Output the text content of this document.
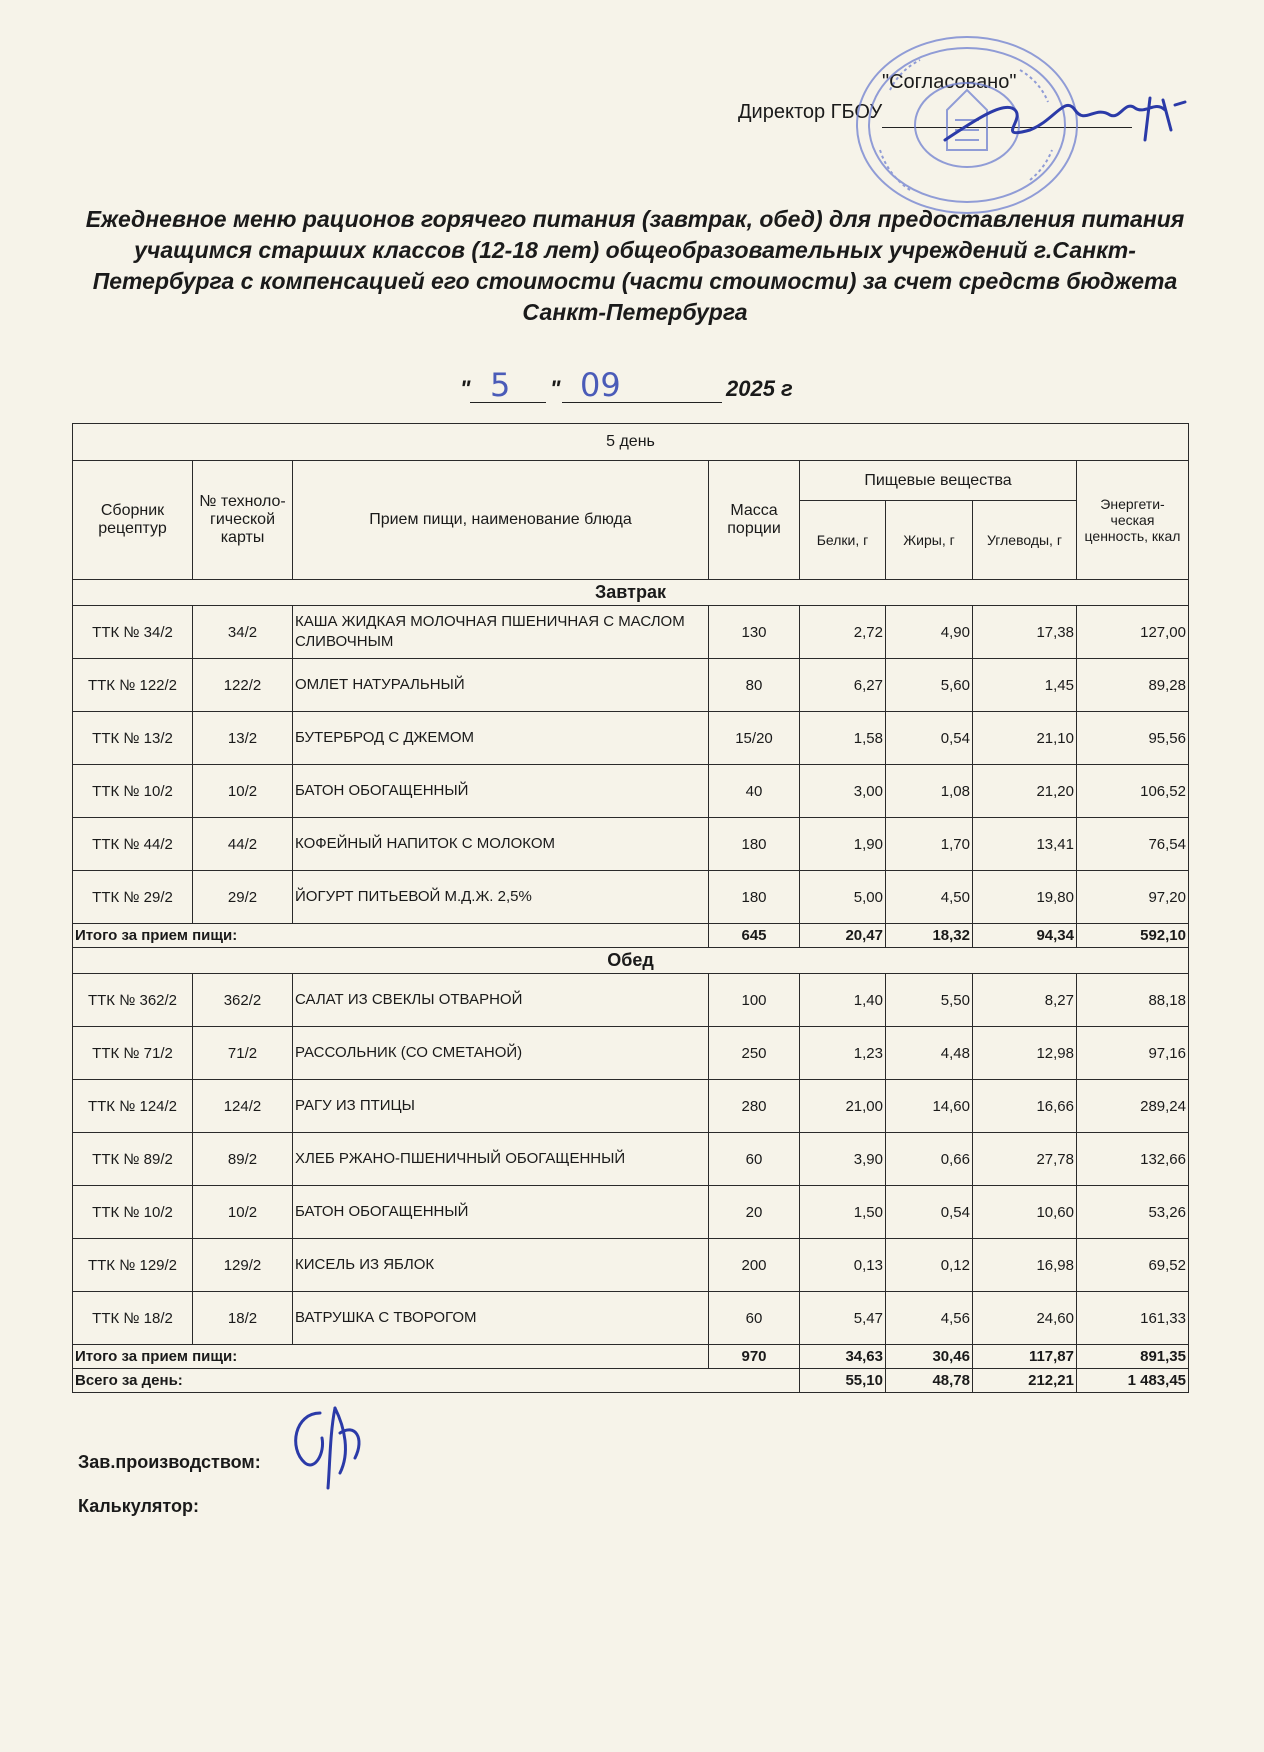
"Согласовано"
Директор ГБОУ
Ежедневное меню рационов горячего питания (завтрак, обед) для предоставления питания учащимся старших классов (12-18 лет) общеобразовательных учреждений г.Санкт-Петербурга с компенсацией его стоимости (части стоимости) за счет средств бюджета Санкт-Петербурга
" 5 " 09	2025 г
5 день							
Сборник рецептур	№ техноло-гической карты	Прием пищи, наименование блюда	Масса порции	Пищевые вещества			Энергети-ческая ценность, ккал
				Белки, г	Жиры, г	Углеводы, г	
Завтрак							
ТТК № 34/2	34/2	КАША ЖИДКАЯ МОЛОЧНАЯ ПШЕНИЧНАЯ С МАСЛОМ СЛИВОЧНЫМ	130	2,72	4,90	17,38	127,00
ТТК № 122/2	122/2	ОМЛЕТ НАТУРАЛЬНЫЙ	80	6,27	5,60	1,45	89,28
ТТК № 13/2	13/2	БУТЕРБРОД С ДЖЕМОМ	15/20	1,58	0,54	21,10	95,56
ТТК № 10/2	10/2	БАТОН ОБОГАЩЕННЫЙ	40	3,00	1,08	21,20	106,52
ТТК № 44/2	44/2	КОФЕЙНЫЙ НАПИТОК С МОЛОКОМ	180	1,90	1,70	13,41	76,54
ТТК № 29/2	29/2	ЙОГУРТ ПИТЬЕВОЙ М.Д.Ж. 2,5%	180	5,00	4,50	19,80	97,20
Итого за прием пищи:			645	20,47	18,32	94,34	592,10
Обед							
ТТК № 362/2	362/2	САЛАТ ИЗ СВЕКЛЫ ОТВАРНОЙ	100	1,40	5,50	8,27	88,18
ТТК № 71/2	71/2	РАССОЛЬНИК (СО СМЕТАНОЙ)	250	1,23	4,48	12,98	97,16
ТТК № 124/2	124/2	РАГУ ИЗ ПТИЦЫ	280	21,00	14,60	16,66	289,24
ТТК № 89/2	89/2	ХЛЕБ РЖАНО-ПШЕНИЧНЫЙ ОБОГАЩЕННЫЙ	60	3,90	0,66	27,78	132,66
ТТК № 10/2	10/2	БАТОН ОБОГАЩЕННЫЙ	20	1,50	0,54	10,60	53,26
ТТК № 129/2	129/2	КИСЕЛЬ ИЗ ЯБЛОК	200	0,13	0,12	16,98	69,52
ТТК № 18/2	18/2	ВАТРУШКА С ТВОРОГОМ	60	5,47	4,56	24,60	161,33
Итого за прием пищи:			970	34,63	30,46	117,87	891,35
Всего за день:				55,10	48,78	212,21	1 483,45
Зав.производством:
Калькулятор:
